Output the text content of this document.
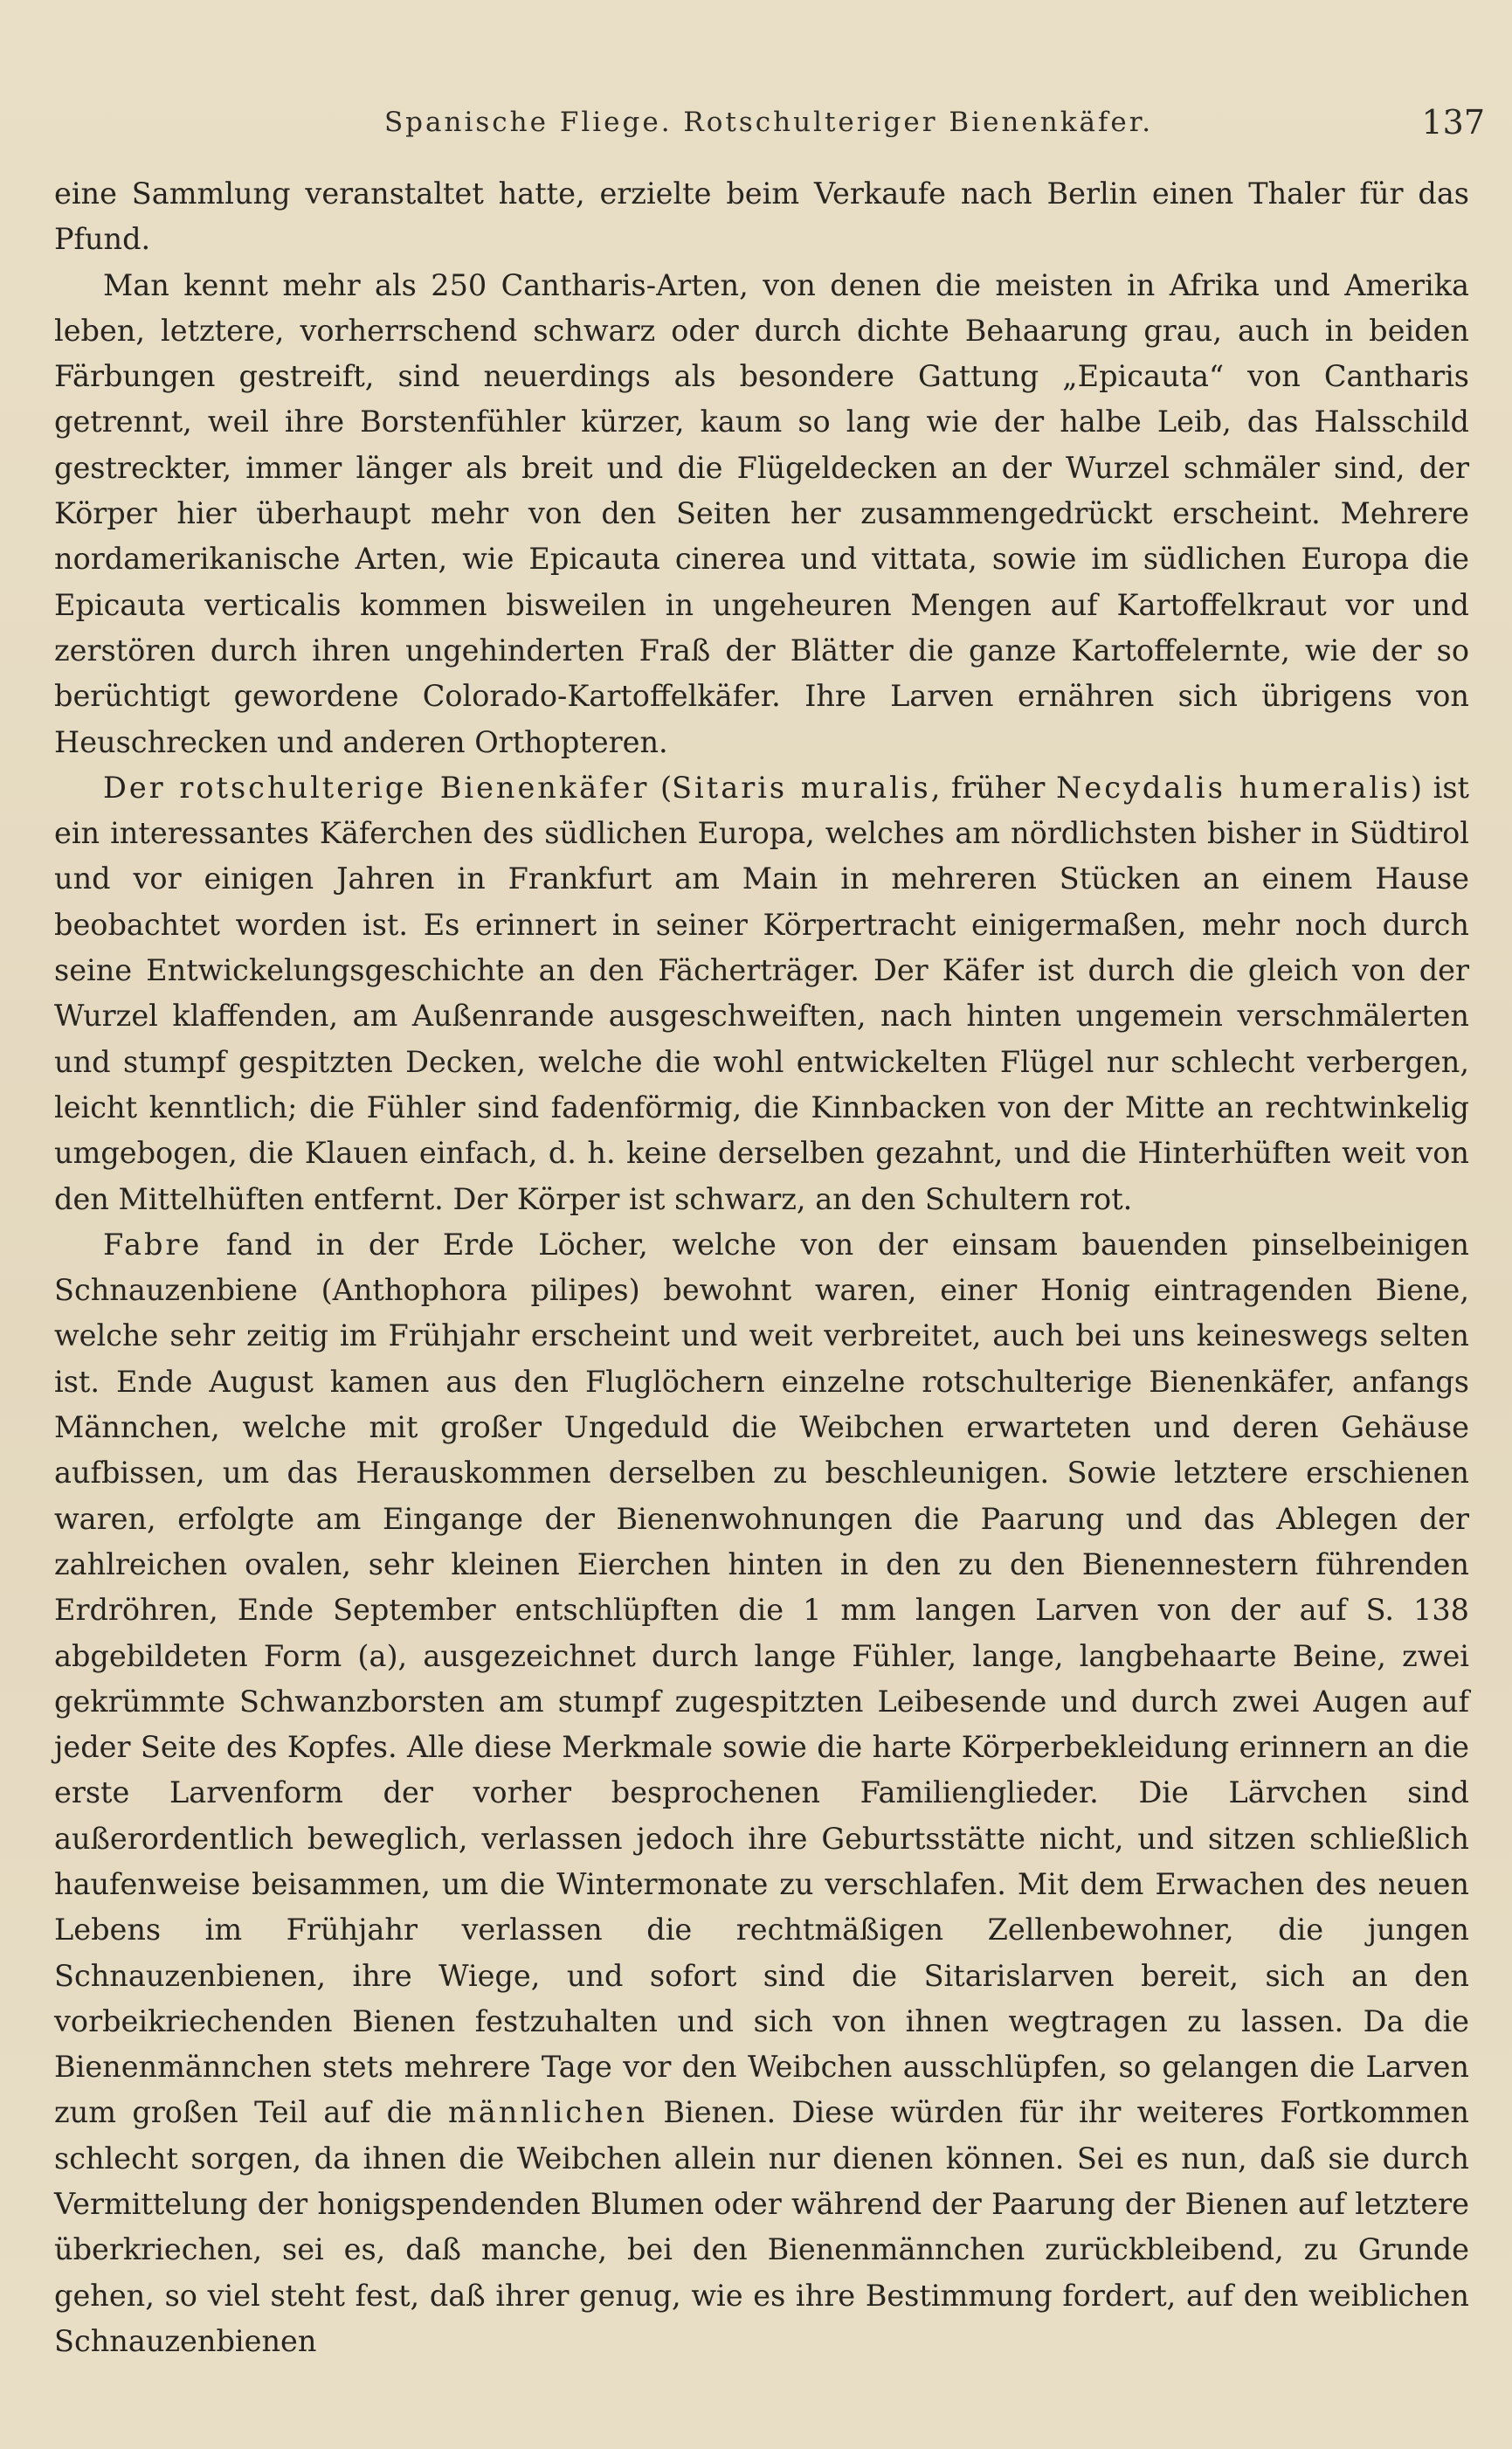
Spanische Fliege. Rotschulteriger Bienenkäfer.	137

eine Sammlung veranstaltet hatte, erzielte beim Verkaufe nach Berlin einen Thaler für das Pfund.

Man kennt mehr als 250 Cantharis-Arten, von denen die meisten in Afrika und Amerika leben, letztere, vorherrschend schwarz oder durch dichte Behaarung grau, auch in beiden Färbungen gestreift, sind neuerdings als besondere Gattung „Epicauta“ von Cantharis getrennt, weil ihre Borstenfühler kürzer, kaum so lang wie der halbe Leib, das Halsschild gestreckter, immer länger als breit und die Flügeldecken an der Wurzel schmäler sind, der Körper hier überhaupt mehr von den Seiten her zusammengedrückt erscheint. Mehrere nordamerikanische Arten, wie Epicauta cinerea und vittata, sowie im südlichen Europa die Epicauta verticalis kommen bisweilen in ungeheuren Mengen auf Kartoffelkraut vor und zerstören durch ihren ungehinderten Fraß der Blätter die ganze Kartoffelernte, wie der so berüchtigt gewordene Colorado-Kartoffelkäfer. Ihre Larven ernähren sich übrigens von Heuschrecken und anderen Orthopteren.

Der rotschulterige Bienenkäfer (Sitaris muralis, früher Necydalis humeralis) ist ein interessantes Käferchen des südlichen Europa, welches am nördlichsten bisher in Südtirol und vor einigen Jahren in Frankfurt am Main in mehreren Stücken an einem Hause beobachtet worden ist. Es erinnert in seiner Körpertracht einigermaßen, mehr noch durch seine Entwickelungsgeschichte an den Fächerträger. Der Käfer ist durch die gleich von der Wurzel klaffenden, am Außenrande ausgeschweiften, nach hinten ungemein verschmälerten und stumpf gespitzten Decken, welche die wohl entwickelten Flügel nur schlecht verbergen, leicht kenntlich; die Fühler sind fadenförmig, die Kinnbacken von der Mitte an rechtwinkelig umgebogen, die Klauen einfach, d. h. keine derselben gezahnt, und die Hinterhüften weit von den Mittelhüften entfernt. Der Körper ist schwarz, an den Schultern rot.

Fabre fand in der Erde Löcher, welche von der einsam bauenden pinselbeinigen Schnauzenbiene (Anthophora pilipes) bewohnt waren, einer Honig eintragenden Biene, welche sehr zeitig im Frühjahr erscheint und weit verbreitet, auch bei uns keineswegs selten ist. Ende August kamen aus den Fluglöchern einzelne rotschulterige Bienenkäfer, anfangs Männchen, welche mit großer Ungeduld die Weibchen erwarteten und deren Gehäuse aufbissen, um das Herauskommen derselben zu beschleunigen. Sowie letztere erschienen waren, erfolgte am Eingange der Bienenwohnungen die Paarung und das Ablegen der zahlreichen ovalen, sehr kleinen Eierchen hinten in den zu den Bienennestern führenden Erdröhren, Ende September entschlüpften die 1 mm langen Larven von der auf S. 138 abgebildeten Form (a), ausgezeichnet durch lange Fühler, lange, langbehaarte Beine, zwei gekrümmte Schwanzborsten am stumpf zugespitzten Leibesende und durch zwei Augen auf jeder Seite des Kopfes. Alle diese Merkmale sowie die harte Körperbekleidung erinnern an die erste Larvenform der vorher besprochenen Familienglieder. Die Lärvchen sind außerordentlich beweglich, verlassen jedoch ihre Geburtsstätte nicht, und sitzen schließlich haufenweise beisammen, um die Wintermonate zu verschlafen. Mit dem Erwachen des neuen Lebens im Frühjahr verlassen die rechtmäßigen Zellenbewohner, die jungen Schnauzenbienen, ihre Wiege, und sofort sind die Sitarislarven bereit, sich an den vorbeikriechenden Bienen festzuhalten und sich von ihnen wegtragen zu lassen. Da die Bienenmännchen stets mehrere Tage vor den Weibchen ausschlüpfen, so gelangen die Larven zum großen Teil auf die männlichen Bienen. Diese würden für ihr weiteres Fortkommen schlecht sorgen, da ihnen die Weibchen allein nur dienen können. Sei es nun, daß sie durch Vermittelung der honigspendenden Blumen oder während der Paarung der Bienen auf letztere überkriechen, sei es, daß manche, bei den Bienenmännchen zurückbleibend, zu Grunde gehen, so viel steht fest, daß ihrer genug, wie es ihre Bestimmung fordert, auf den weiblichen Schnauzenbienen
